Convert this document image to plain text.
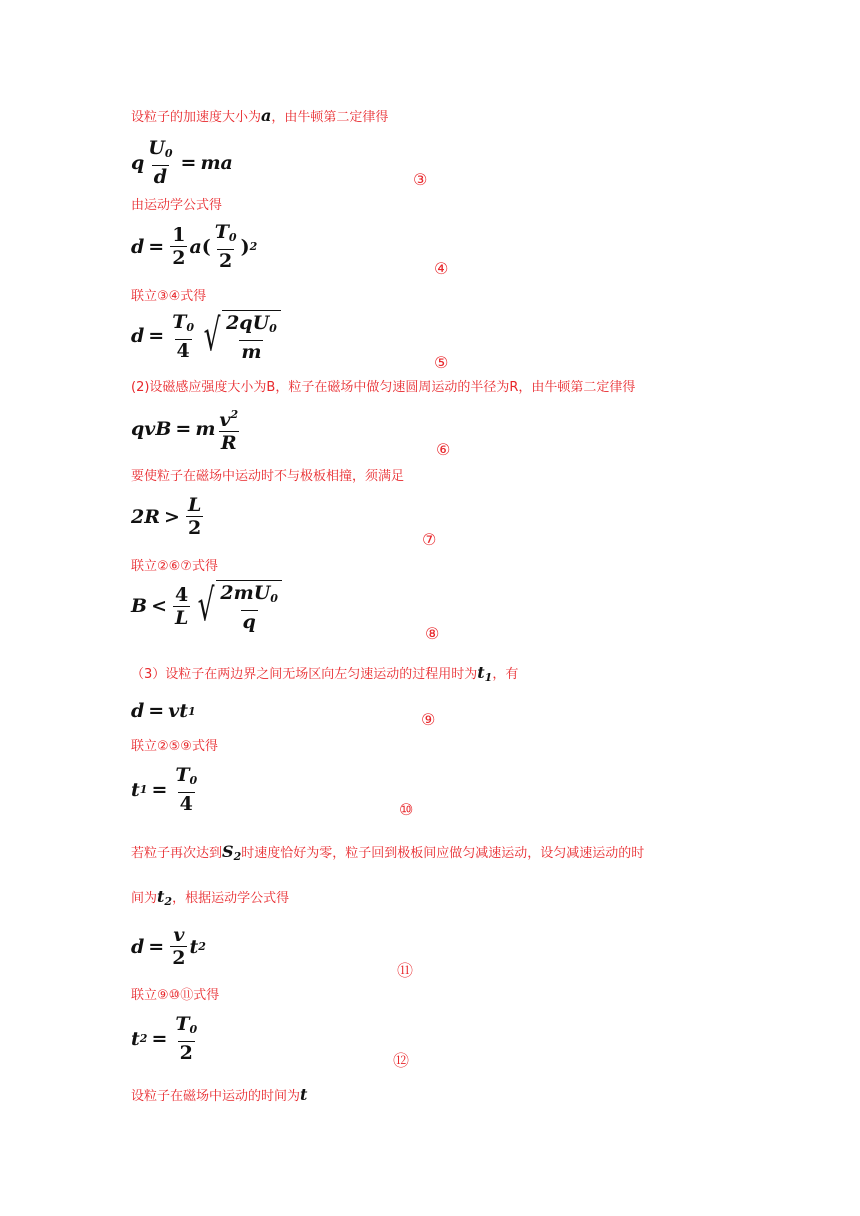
设粒子的加速度大小为a，由牛顿第二定律得
q $\frac{U_0}{d}$ = ma
③
由运动学公式得
$d = \frac{1}{2}$ a ( $\frac{T_0}{2}$ ) 2
④
联立③④式得
$d = \frac{T_0}{4}$ √ $\frac{2qU_0}{m}$
⑤
(2)设磁感应强度大小为B，粒子在磁场中做匀速圆周运动的半径为R，由牛顿第二定律得
qvB = m $\frac{v^2}{R}$	⑥
要使粒子在磁场中运动时不与极板相撞，须满足
$2R > \frac{L}{2}$
⑦
联立②⑥⑦式得
$B < \frac{4}{L}$ √ $\frac{2mU_0}{q}$
⑧
（3）设粒子在两边界之间无场区向左匀速运动的过程用时为$t_1$，有
d = vt 1	⑨
联立②⑤⑨式得
t $1 = \frac{T_0}{4}$	⑩
若粒子再次达到$S_2$时速度恰好为零，粒子回到极板间应做匀减速运动，设匀减速运动的时
间为$t_2$，根据运动学公式得
$d = \frac{v}{2}$ t 2
⑪
联立⑨⑩⑪式得
t $2 = \frac{T_0}{2}$	⑫
设粒子在磁场中运动的时间为t
